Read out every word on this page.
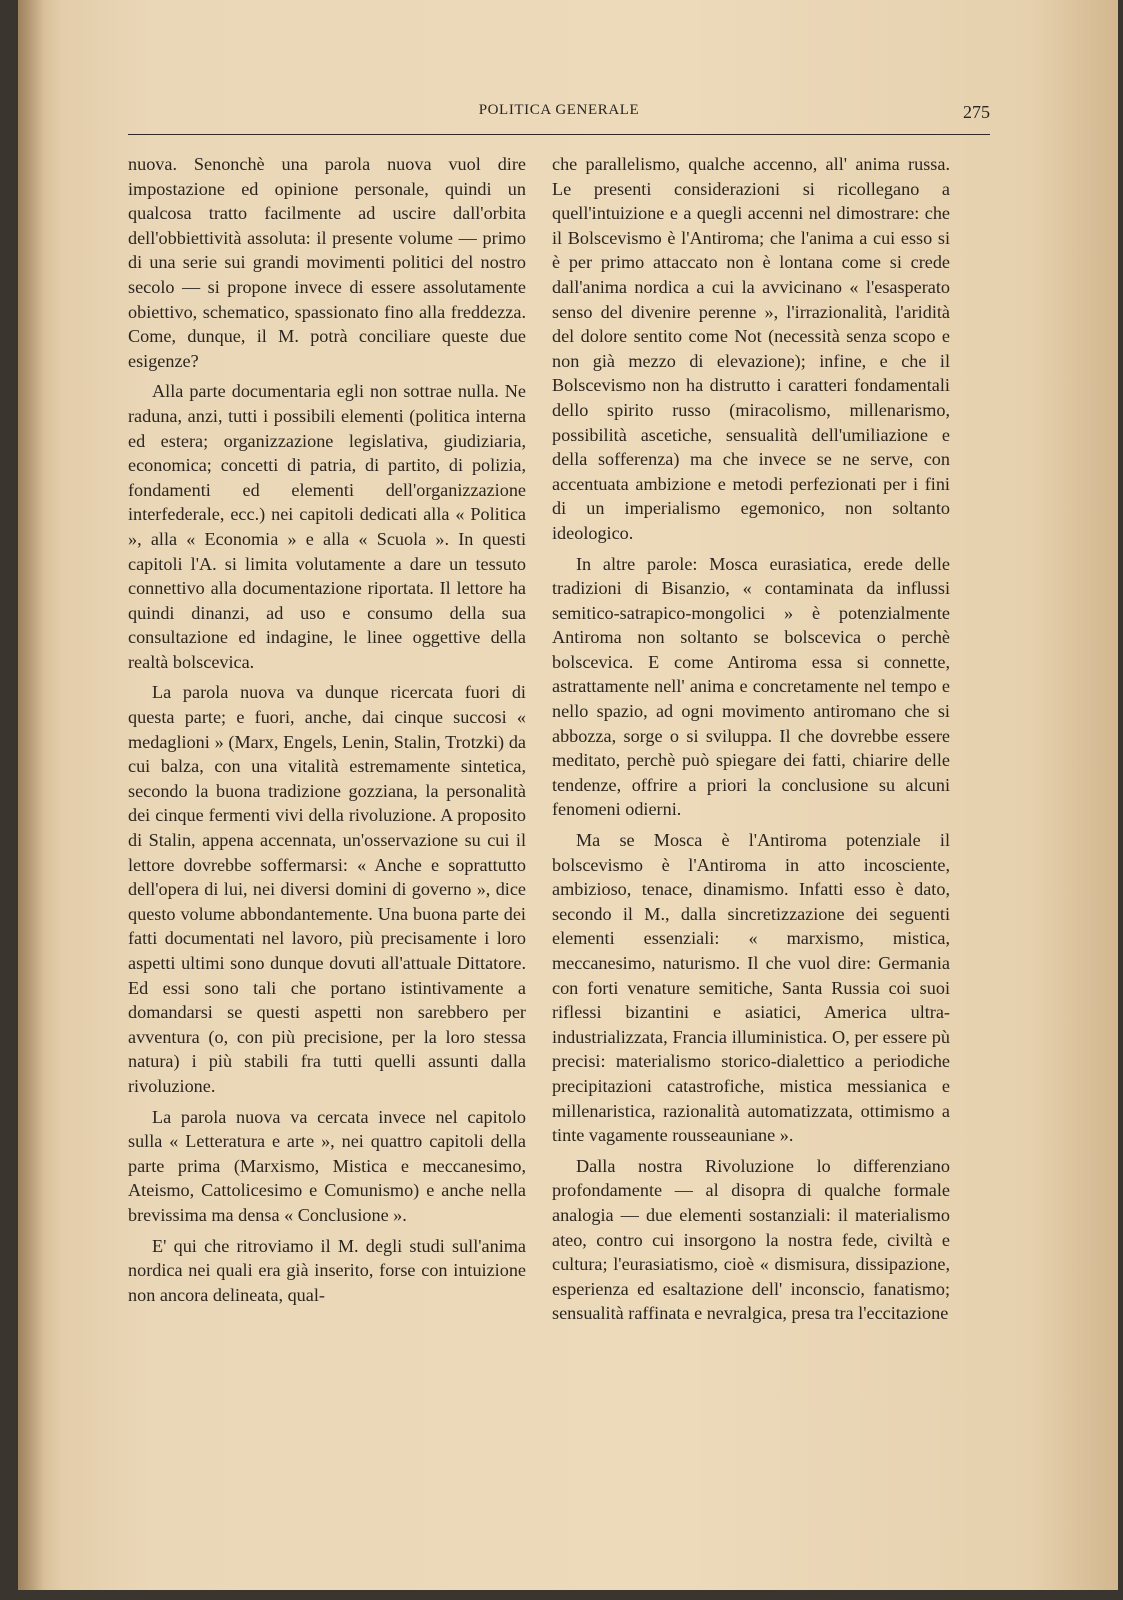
POLITICA GENERALE	275

nuova. Senonchè una parola nuova vuol dire impostazione ed opinione personale, quindi un qualcosa tratto facilmente ad uscire dall'orbita dell'obbiettività assoluta: il presente volume — primo di una serie sui grandi movimenti politici del nostro secolo — si propone invece di essere assolutamente obiettivo, schematico, spassionato fino alla freddezza. Come, dunque, il M. potrà conciliare queste due esigenze?

Alla parte documentaria egli non sottrae nulla. Ne raduna, anzi, tutti i possibili elementi (politica interna ed estera; organizzazione legislativa, giudiziaria, economica; concetti di patria, di partito, di polizia, fondamenti ed elementi dell'organizzazione interfederale, ecc.) nei capitoli dedicati alla « Politica », alla « Economia » e alla « Scuola ». In questi capitoli l'A. si limita volutamente a dare un tessuto connettivo alla documentazione riportata. Il lettore ha quindi dinanzi, ad uso e consumo della sua consultazione ed indagine, le linee oggettive della realtà bolscevica.

La parola nuova va dunque ricercata fuori di questa parte; e fuori, anche, dai cinque succosi « medaglioni » (Marx, Engels, Lenin, Stalin, Trotzki) da cui balza, con una vitalità estremamente sintetica, secondo la buona tradizione gozziana, la personalità dei cinque fermenti vivi della rivoluzione. A proposito di Stalin, appena accennata, un'osservazione su cui il lettore dovrebbe soffermarsi: « Anche e soprattutto dell'opera di lui, nei diversi domini di governo », dice questo volume abbondantemente. Una buona parte dei fatti documentati nel lavoro, più precisamente i loro aspetti ultimi sono dunque dovuti all'attuale Dittatore. Ed essi sono tali che portano istintivamente a domandarsi se questi aspetti non sarebbero per avventura (o, con più precisione, per la loro stessa natura) i più stabili fra tutti quelli assunti dalla rivoluzione.

La parola nuova va cercata invece nel capitolo sulla « Letteratura e arte », nei quattro capitoli della parte prima (Marxismo, Mistica e meccanesimo, Ateismo, Cattolicesimo e Comunismo) e anche nella brevissima ma densa « Conclusione ».

E' qui che ritroviamo il M. degli studi sull'anima nordica nei quali era già inserito, forse con intuizione non ancora delineata, qual-

che parallelismo, qualche accenno, all' anima russa. Le presenti considerazioni si ricollegano a quell'intuizione e a quegli accenni nel dimostrare: che il Bolscevismo è l'Antiroma; che l'anima a cui esso si è per primo attaccato non è lontana come si crede dall'anima nordica a cui la avvicinano « l'esasperato senso del divenire perenne », l'irrazionalità, l'aridità del dolore sentito come Not (necessità senza scopo e non già mezzo di elevazione); infine, e che il Bolscevismo non ha distrutto i caratteri fondamentali dello spirito russo (miracolismo, millenarismo, possibilità ascetiche, sensualità dell'umiliazione e della sofferenza) ma che invece se ne serve, con accentuata ambizione e metodi perfezionati per i fini di un imperialismo egemonico, non soltanto ideologico.

In altre parole: Mosca eurasiatica, erede delle tradizioni di Bisanzio, « contaminata da influssi semitico-satrapico-mongolici » è potenzialmente Antiroma non soltanto se bolscevica o perchè bolscevica. E come Antiroma essa si connette, astrattamente nell' anima e concretamente nel tempo e nello spazio, ad ogni movimento antiromano che si abbozza, sorge o si sviluppa. Il che dovrebbe essere meditato, perchè può spiegare dei fatti, chiarire delle tendenze, offrire a priori la conclusione su alcuni fenomeni odierni.

Ma se Mosca è l'Antiroma potenziale il bolscevismo è l'Antiroma in atto incosciente, ambizioso, tenace, dinamismo. Infatti esso è dato, secondo il M., dalla sincretizzazione dei seguenti elementi essenziali: « marxismo, mistica, meccanesimo, naturismo. Il che vuol dire: Germania con forti venature semitiche, Santa Russia coi suoi riflessi bizantini e asiatici, America ultra-industrializzata, Francia illuministica. O, per essere pù precisi: materialismo storico-dialettico a periodiche precipitazioni catastrofiche, mistica messianica e millenaristica, razionalità automatizzata, ottimismo a tinte vagamente rousseauniane ».

Dalla nostra Rivoluzione lo differenziano profondamente — al disopra di qualche formale analogia — due elementi sostanziali: il materialismo ateo, contro cui insorgono la nostra fede, civiltà e cultura; l'eurasiatismo, cioè « dismisura, dissipazione, esperienza ed esaltazione dell' inconscio, fanatismo; sensualità raffinata e nevralgica, presa tra l'eccitazione
